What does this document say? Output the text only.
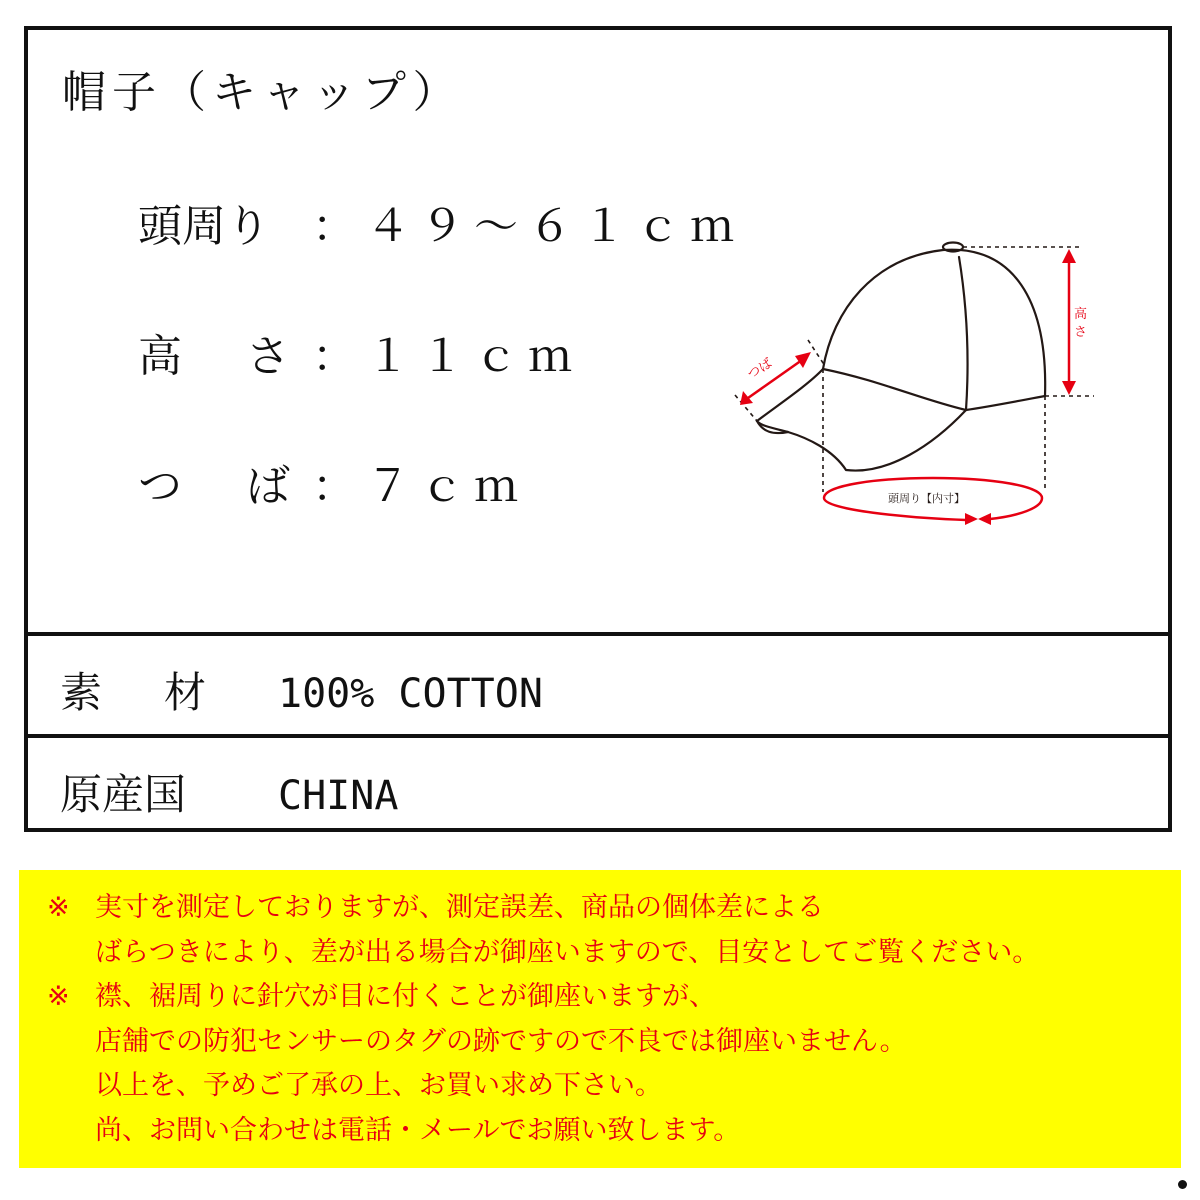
帽子（キャップ）
頭周り ：４９〜６１ｃｍ
高 さ ：１１ｃｍ
つ ば ：７ｃｍ
つば
高
さ
頭周り【内寸】
素 材 100% COTTON
原産国 CHINA
※ 実寸を測定しておりますが、測定誤差、商品の個体差による
ばらつきにより、差が出る場合が御座いますので、目安としてご覧ください。
※ 襟、裾周りに針穴が目に付くことが御座いますが、
店舗での防犯センサーのタグの跡ですので不良では御座いません。
以上を、予めご了承の上、お買い求め下さい。
尚、お問い合わせは電話・メールでお願い致します。
